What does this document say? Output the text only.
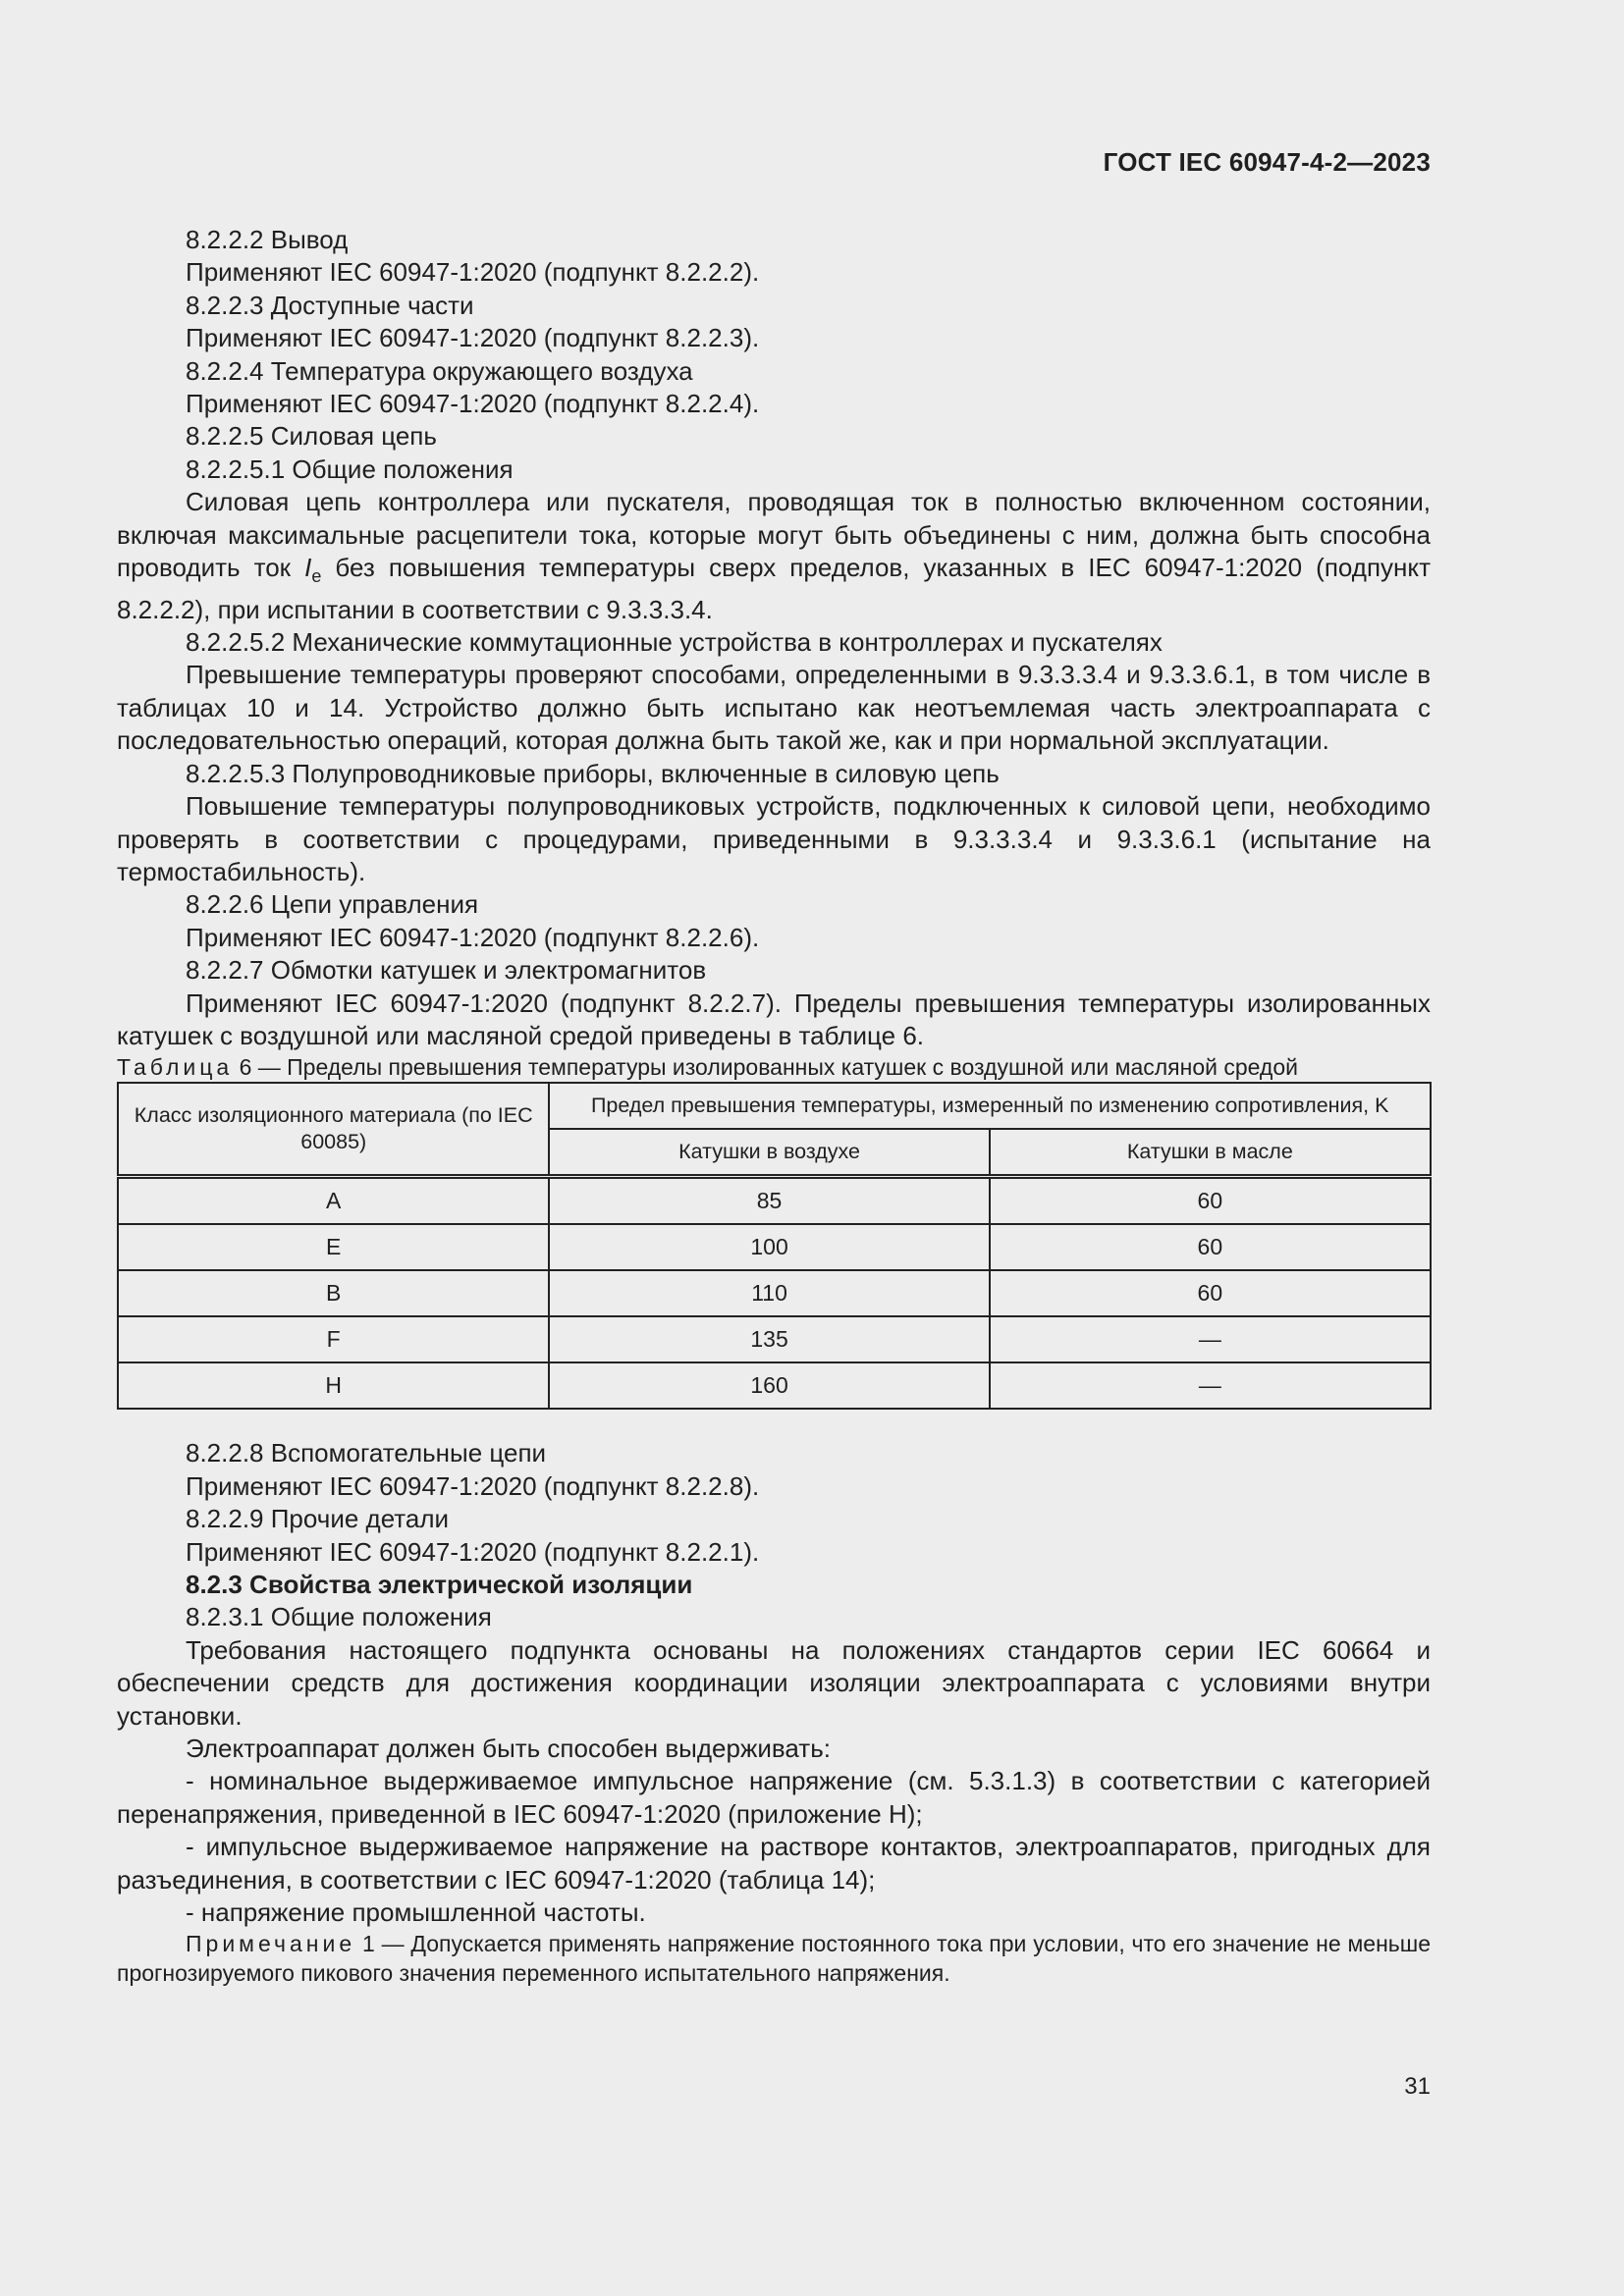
ГОСТ IEC 60947-4-2—2023

8.2.2.2 Вывод

Применяют IEC 60947-1:2020 (подпункт 8.2.2.2).

8.2.2.3 Доступные части

Применяют IEC 60947-1:2020 (подпункт 8.2.2.3).

8.2.2.4 Температура окружающего воздуха

Применяют IEC 60947-1:2020 (подпункт 8.2.2.4).

8.2.2.5 Силовая цепь

8.2.2.5.1 Общие положения

Силовая цепь контроллера или пускателя, проводящая ток в полностью включенном состоянии, включая максимальные расцепители тока, которые могут быть объединены с ним, должна быть способна проводить ток $I_e$ без повышения температуры сверх пределов, указанных в IEC 60947-1:2020 (подпункт 8.2.2.2), при испытании в соответствии с 9.3.3.3.4.

8.2.2.5.2 Механические коммутационные устройства в контроллерах и пускателях

Превышение температуры проверяют способами, определенными в 9.3.3.3.4 и 9.3.3.6.1, в том числе в таблицах 10 и 14. Устройство должно быть испытано как неотъемлемая часть электроаппарата с последовательностью операций, которая должна быть такой же, как и при нормальной эксплуатации.

8.2.2.5.3 Полупроводниковые приборы, включенные в силовую цепь

Повышение температуры полупроводниковых устройств, подключенных к силовой цепи, необходимо проверять в соответствии с процедурами, приведенными в 9.3.3.3.4 и 9.3.3.6.1 (испытание на термостабильность).

8.2.2.6 Цепи управления

Применяют IEC 60947-1:2020 (подпункт 8.2.2.6).

8.2.2.7 Обмотки катушек и электромагнитов

Применяют IEC 60947-1:2020 (подпункт 8.2.2.7). Пределы превышения температуры изолированных катушек с воздушной или масляной средой приведены в таблице 6.

Таблица 6 — Пределы превышения температуры изолированных катушек с воздушной или масляной средой

Класс изоляционного материала (по IEC 60085)	Предел превышения температуры, измеренный по изменению сопротивления, K	
	Катушки в воздухе	Катушки в масле
A	85	60
E	100	60
B	110	60
F	135	—
H	160	—

8.2.2.8 Вспомогательные цепи

Применяют IEC 60947-1:2020 (подпункт 8.2.2.8).

8.2.2.9 Прочие детали

Применяют IEC 60947-1:2020 (подпункт 8.2.2.1).

8.2.3 Свойства электрической изоляции

8.2.3.1 Общие положения

Требования настоящего подпункта основаны на положениях стандартов серии IEC 60664 и обеспечении средств для достижения координации изоляции электроаппарата с условиями внутри установки.

Электроаппарат должен быть способен выдерживать:

- номинальное выдерживаемое импульсное напряжение (см. 5.3.1.3) в соответствии с категорией перенапряжения, приведенной в IEC 60947-1:2020 (приложение H);

- импульсное выдерживаемое напряжение на растворе контактов, электроаппаратов, пригодных для разъединения, в соответствии с IEC 60947-1:2020 (таблица 14);

- напряжение промышленной частоты.

Примечание 1 — Допускается применять напряжение постоянного тока при условии, что его значение не меньше прогнозируемого пикового значения переменного испытательного напряжения.

31
